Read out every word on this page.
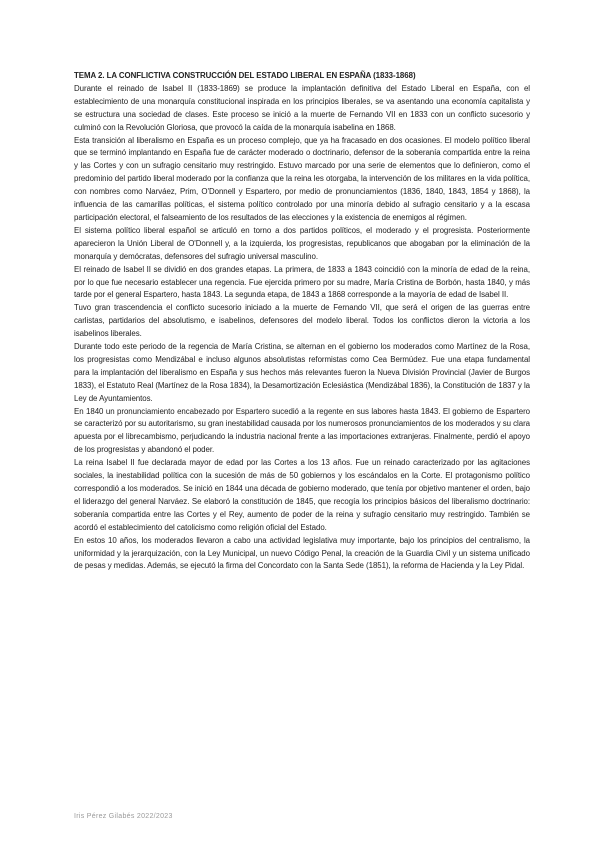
TEMA 2. LA CONFLICTIVA CONSTRUCCIÓN DEL ESTADO LIBERAL EN ESPAÑA (1833-1868)

Durante el reinado de Isabel II (1833-1869) se produce la implantación definitiva del Estado Liberal en España, con el establecimiento de una monarquía constitucional inspirada en los principios liberales, se va asentando una economía capitalista y se estructura una sociedad de clases. Este proceso se inició a la muerte de Fernando VII en 1833 con un conflicto sucesorio y culminó con la Revolución Gloriosa, que provocó la caída de la monarquía isabelina en 1868.

Esta transición al liberalismo en España es un proceso complejo, que ya ha fracasado en dos ocasiones. El modelo político liberal que se terminó implantando en España fue de carácter moderado o doctrinario, defensor de la soberanía compartida entre la reina y las Cortes y con un sufragio censitario muy restringido. Estuvo marcado por una serie de elementos que lo definieron, como el predominio del partido liberal moderado por la confianza que la reina les otorgaba, la intervención de los militares en la vida política, con nombres como Narváez, Prim, O'Donnell y Espartero, por medio de pronunciamientos (1836, 1840, 1843, 1854 y 1868), la influencia de las camarillas políticas, el sistema político controlado por una minoría debido al sufragio censitario y a la escasa participación electoral, el falseamiento de los resultados de las elecciones y la existencia de enemigos al régimen.

El sistema político liberal español se articuló en torno a dos partidos políticos, el moderado y el progresista. Posteriormente aparecieron la Unión Liberal de O'Donnell y, a la izquierda, los progresistas, republicanos que abogaban por la eliminación de la monarquía y demócratas, defensores del sufragio universal masculino.

El reinado de Isabel II se dividió en dos grandes etapas. La primera, de 1833 a 1843 coincidió con la minoría de edad de la reina, por lo que fue necesario establecer una regencia. Fue ejercida primero por su madre, María Cristina de Borbón, hasta 1840, y más tarde por el general Espartero, hasta 1843. La segunda etapa, de 1843 a 1868 corresponde a la mayoría de edad de Isabel II.

Tuvo gran trascendencia el conflicto sucesorio iniciado a la muerte de Fernando VII, que será el origen de las guerras entre carlistas, partidarios del absolutismo, e isabelinos, defensores del modelo liberal. Todos los conflictos dieron la victoria a los isabelinos liberales.

Durante todo este periodo de la regencia de María Cristina, se alternan en el gobierno los moderados como Martínez de la Rosa, los progresistas como Mendizábal e incluso algunos absolutistas reformistas como Cea Bermúdez. Fue una etapa fundamental para la implantación del liberalismo en España y sus hechos más relevantes fueron la Nueva División Provincial (Javier de Burgos 1833), el Estatuto Real (Martínez de la Rosa 1834), la Desamortización Eclesiástica (Mendizábal 1836), la Constitución de 1837 y la Ley de Ayuntamientos.

En 1840 un pronunciamiento encabezado por Espartero sucedió a la regente en sus labores hasta 1843. El gobierno de Espartero se caracterizó por su autoritarismo, su gran inestabilidad causada por los numerosos pronunciamientos de los moderados y su clara apuesta por el librecambismo, perjudicando la industria nacional frente a las importaciones extranjeras. Finalmente, perdió el apoyo de los progresistas y abandonó el poder.

La reina Isabel II fue declarada mayor de edad por las Cortes a los 13 años. Fue un reinado caracterizado por las agitaciones sociales, la inestabilidad política con la sucesión de más de 50 gobiernos y los escándalos en la Corte. El protagonismo político correspondió a los moderados. Se inició en 1844 una década de gobierno moderado, que tenía por objetivo mantener el orden, bajo el liderazgo del general Narváez. Se elaboró la constitución de 1845, que recogía los principios básicos del liberalismo doctrinario: soberanía compartida entre las Cortes y el Rey, aumento de poder de la reina y sufragio censitario muy restringido. También se acordó el establecimiento del catolicismo como religión oficial del Estado.

En estos 10 años, los moderados llevaron a cabo una actividad legislativa muy importante, bajo los principios del centralismo, la uniformidad y la jerarquización, con la Ley Municipal, un nuevo Código Penal, la creación de la Guardia Civil y un sistema unificado de pesas y medidas. Además, se ejecutó la firma del Concordato con la Santa Sede (1851), la reforma de Hacienda y la Ley Pidal.

Iris Pérez Gilabés 2022/2023
